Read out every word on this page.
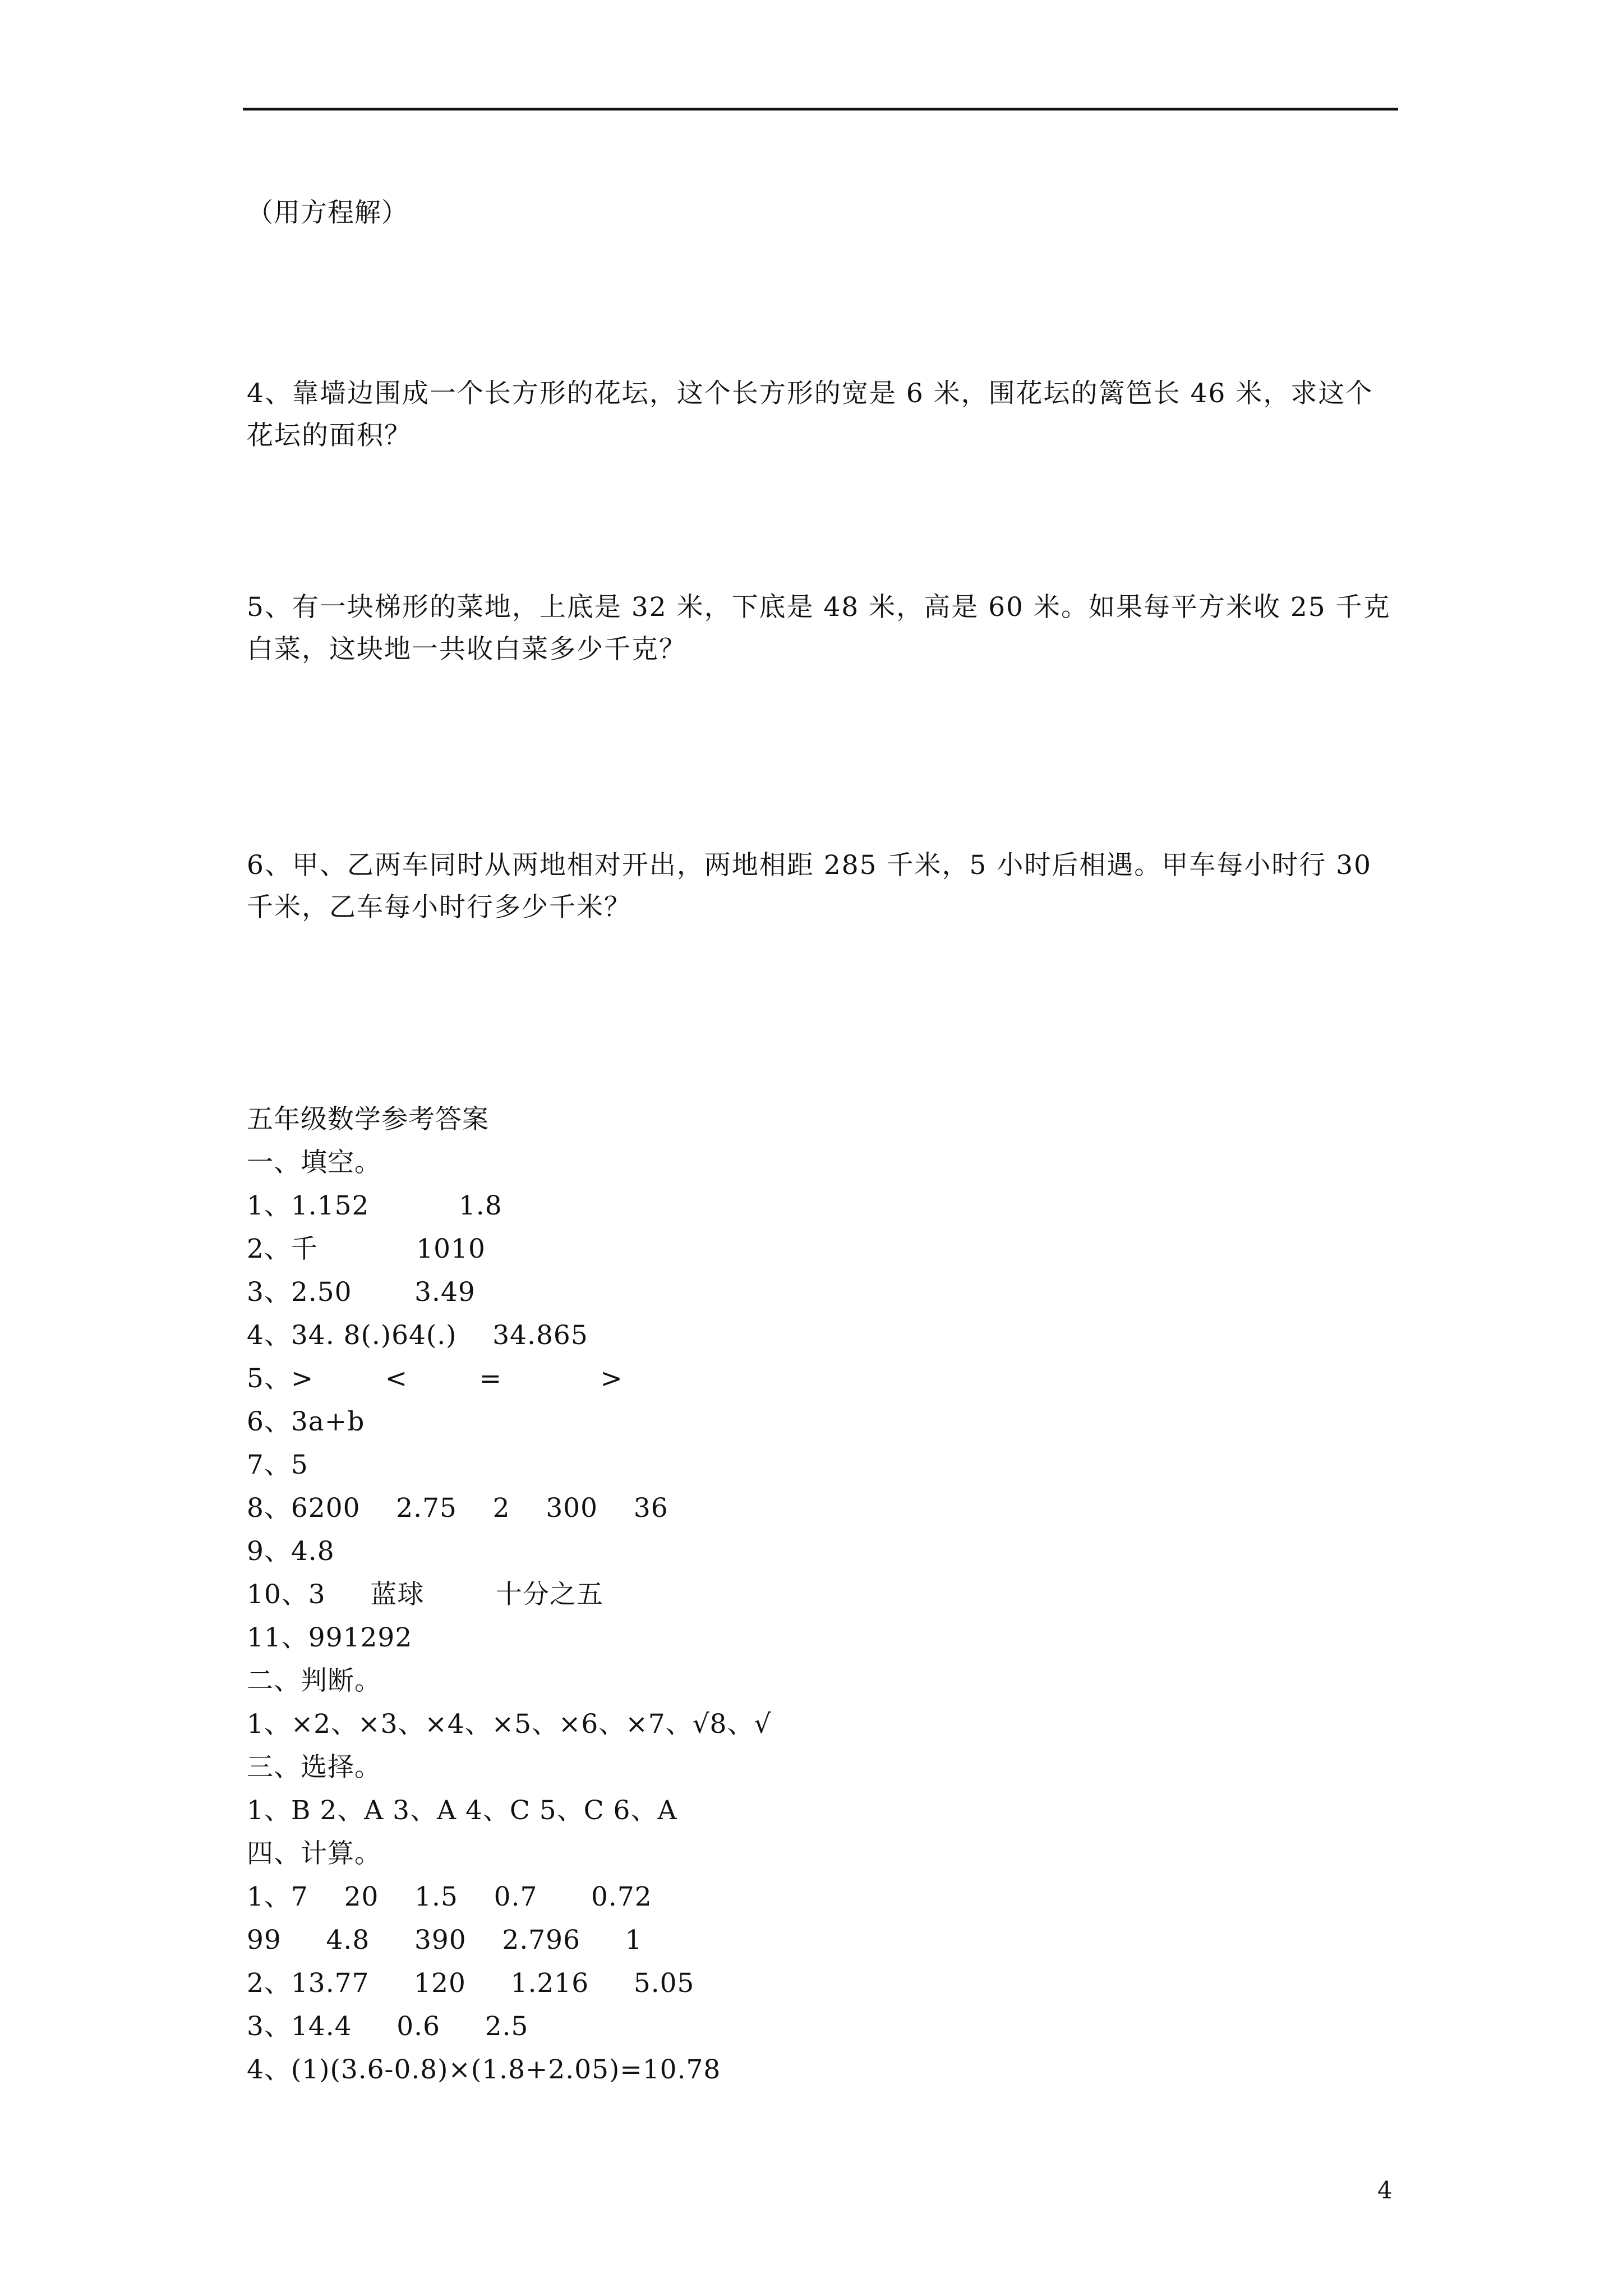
（用方程解）
4、靠墙边围成一个长方形的花坛，这个长方形的宽是 6 米，围花坛的篱笆长 46 米，求这个
花坛的面积？
5、有一块梯形的菜地，上底是 32 米，下底是 48 米，高是 60 米。如果每平方米收 25 千克
白菜，这块地一共收白菜多少千克？
6、甲、乙两车同时从两地相对开出，两地相距 285 千米，5 小时后相遇。甲车每小时行 30
千米，乙车每小时行多少千米？
五年级数学参考答案
一、填空。
1、1.152          1.8
2、千           1010
3、2.50       3.49
4、34. 8(.)64(.)    34.865
5、>        <        =           >
6、3a+b
7、5
8、6200    2.75    2    300    36
9、4.8
10、3     蓝球        十分之五
11、991292
二、判断。
1、×2、×3、×4、×5、×6、×7、√8、√
三、选择。
1、B 2、A 3、A 4、C 5、C 6、A
四、计算。
1、7    20    1.5    0.7      0.72
99     4.8     390    2.796     1
2、13.77     120     1.216     5.05
3、14.4     0.6     2.5
4、(1)(3.6-0.8)×(1.8+2.05)=10.78
4
